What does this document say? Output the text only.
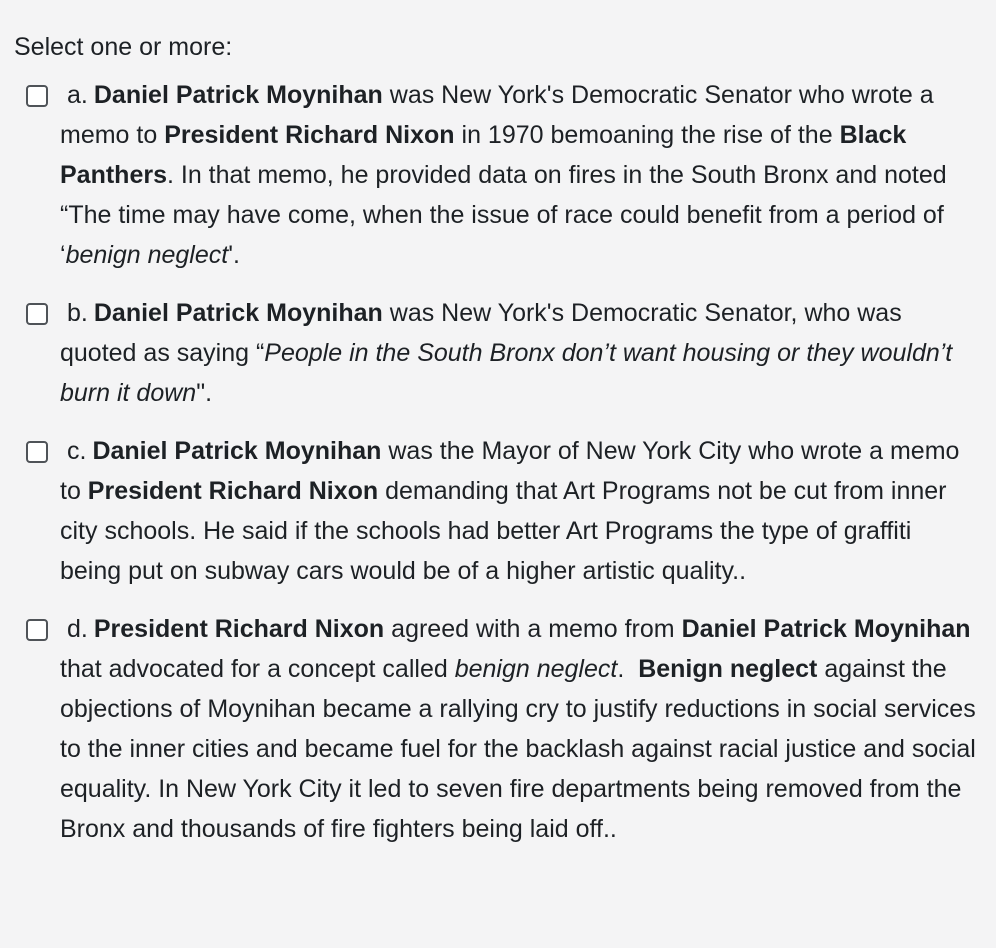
Select one or more:
a. Daniel Patrick Moynihan was New York's Democratic Senator who wrote a memo to President Richard Nixon in 1970 bemoaning the rise of the Black Panthers. In that memo, he provided data on fires in the South Bronx and noted “The time may have come, when the issue of race could benefit from a period of ‘benign neglect'.
b. Daniel Patrick Moynihan was New York's Democratic Senator, who was quoted as saying “People in the South Bronx don’t want housing or they wouldn’t burn it down".
c. Daniel Patrick Moynihan was the Mayor of New York City who wrote a memo to President Richard Nixon demanding that Art Programs not be cut from inner city schools. He said if the schools had better Art Programs the type of graffiti being put on subway cars would be of a higher artistic quality..
d. President Richard Nixon agreed with a memo from Daniel Patrick Moynihan that advocated for a concept called benign neglect.  Benign neglect against the objections of Moynihan became a rallying cry to justify reductions in social services to the inner cities and became fuel for the backlash against racial justice and social equality. In New York City it led to seven fire departments being removed from the Bronx and thousands of fire fighters being laid off..
